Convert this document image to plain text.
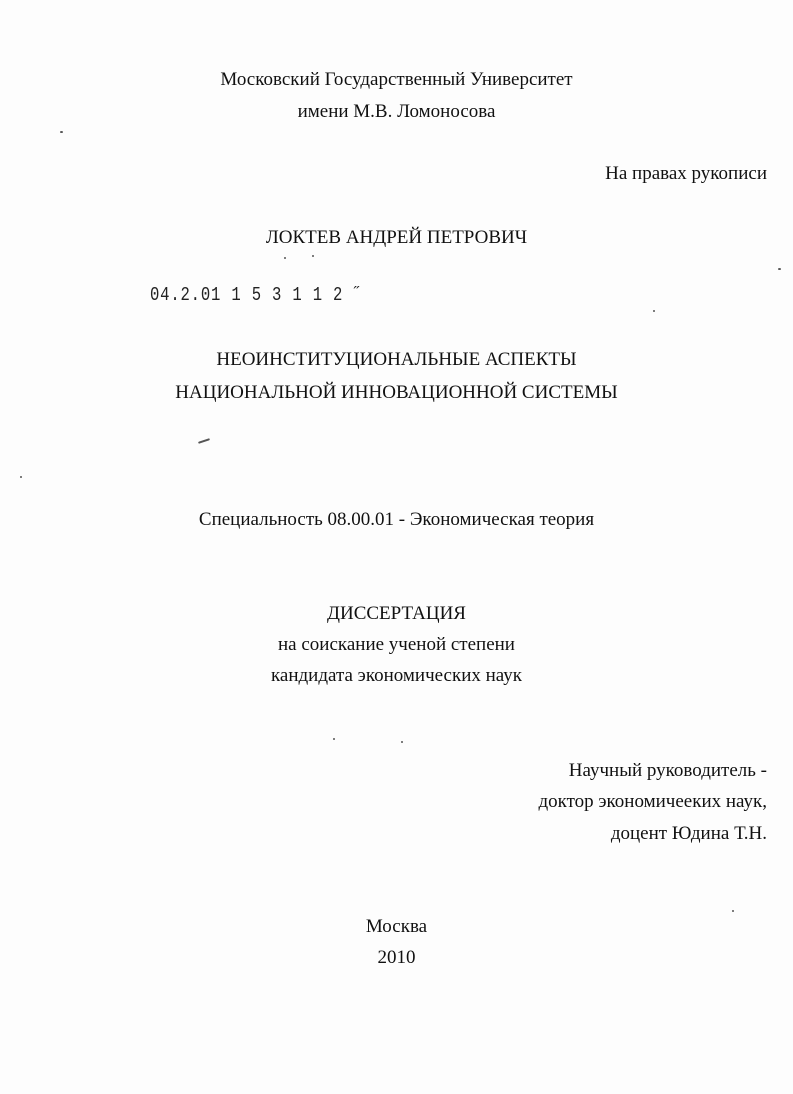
Московский Государственный Университет
имени М.В. Ломоносова
На правах рукописи
ЛОКТЕВ АНДРЕЙ ПЕТРОВИЧ
04.2.01 1 5 3 1 1 2 ˝
НЕОИНСТИТУЦИОНАЛЬНЫЕ АСПЕКТЫ
НАЦИОНАЛЬНОЙ ИННОВАЦИОННОЙ СИСТЕМЫ
Специальность 08.00.01 - Экономическая теория
ДИССЕРТАЦИЯ
на соискание ученой степени
кандидата экономических наук
Научный руководитель -
доктор экономичееких наук,
доцент Юдина Т.Н.
Москва
2010
